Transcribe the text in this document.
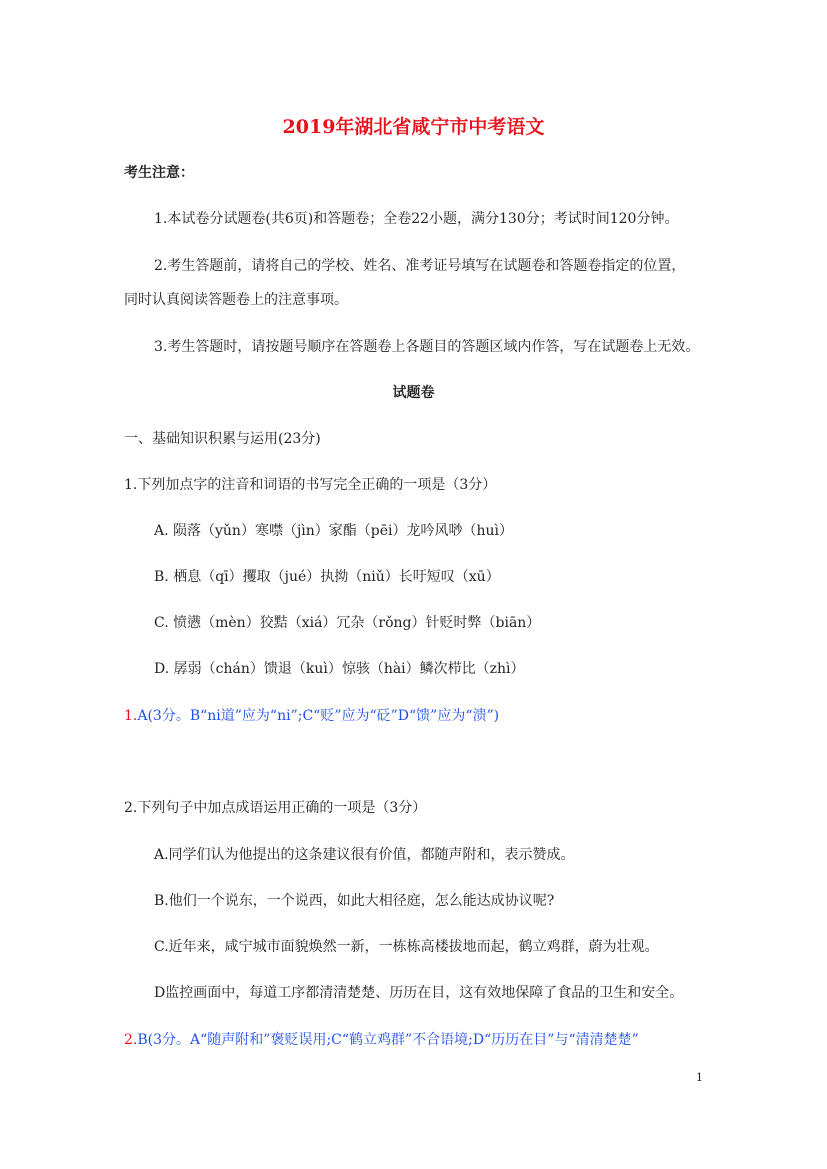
2019年湖北省咸宁市中考语文
考生注意：
1.本试卷分试题卷(共6页)和答题卷；全卷22小题，满分130分；考试时间120分钟。
2.考生答题前，请将自己的学校、姓名、准考证号填写在试题卷和答题卷指定的位置，
同时认真阅读答题卷上的注意事项。
3.考生答题时，请按题号顺序在答题卷上各题目的答题区域内作答，写在试题卷上无效。
试题卷
一、基础知识积累与运用(23分)
1.下列加点字的注音和词语的书写完全正确的一项是（3分）
A. 陨落（yǔn）寒噤（jìn）家酯（pēi）龙吟风唦（huì）
B. 栖息（qī）攫取（jué）执拗（niǔ）长吁短叹（xū）
C. 愤懑（mèn）狡黠（xiá）冗杂（rǒng）针贬时弊（biān）
D. 孱弱（chán）馈退（kuì）惊骇（hài）鳞次栉比（zhì）
1.A(3分。B“ni道”应为“ni”;C“贬”应为“砭”D“馈”应为“溃”)
2.下列句子中加点成语运用正确的一项是（3分）
A.同学们认为他提出的这条建议很有价值，都随声附和，表示赞成。
B.他们一个说东，一个说西，如此大相径庭，怎么能达成协议呢?
C.近年来，咸宁城市面貌焕然一新，一栋栋高楼拔地而起，鹤立鸡群，蔚为壮观。
D监控画面中，每道工序都清清楚楚、历历在目，这有效地保障了食品的卫生和安全。
2.B(3分。A“随声附和”褒贬误用;C“鹤立鸡群”不合语境;D“历历在目”与“清清楚楚”
1
